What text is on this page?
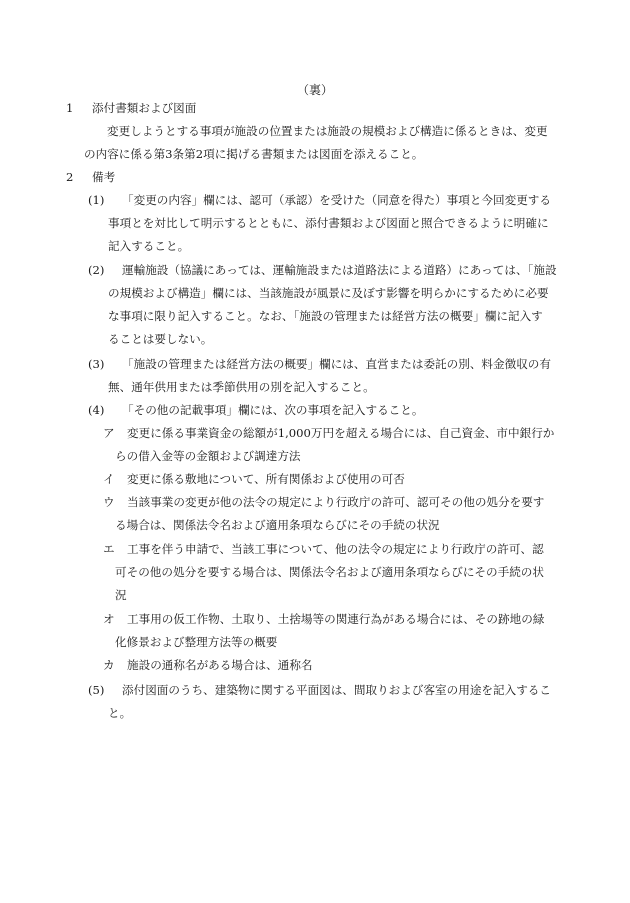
（裏）
1 添付書類および図面
変更しようとする事項が施設の位置または施設の規模および構造に係るときは、変更
の内容に係る第3条第2項に掲げる書類または図面を添えること。
2 備考
(1) 「変更の内容」欄には、認可（承認）を受けた（同意を得た）事項と今回変更する
事項とを対比して明示するとともに、添付書類および図面と照合できるように明確に
記入すること。
(2) 運輸施設（協議にあっては、運輸施設または道路法による道路）にあっては、「施設
の規模および構造」欄には、当該施設が風景に及ぼす影響を明らかにするために必要
な事項に限り記入すること。なお、「施設の管理または経営方法の概要」欄に記入す
ることは要しない。
(3) 「施設の管理または経営方法の概要」欄には、直営または委託の別、料金徴収の有
無、通年供用または季節供用の別を記入すること。
(4) 「その他の記載事項」欄には、次の事項を記入すること。
ア 変更に係る事業資金の総額が1,000万円を超える場合には、自己資金、市中銀行か
らの借入金等の金額および調達方法
イ 変更に係る敷地について、所有関係および使用の可否
ウ 当該事業の変更が他の法令の規定により行政庁の許可、認可その他の処分を要す
る場合は、関係法令名および適用条項ならびにその手続の状況
エ 工事を伴う申請で、当該工事について、他の法令の規定により行政庁の許可、認
可その他の処分を要する場合は、関係法令名および適用条項ならびにその手続の状
況
オ 工事用の仮工作物、土取り、土捨場等の関連行為がある場合には、その跡地の緑
化修景および整理方法等の概要
カ 施設の通称名がある場合は、通称名
(5) 添付図面のうち、建築物に関する平面図は、間取りおよび客室の用途を記入するこ
と。
